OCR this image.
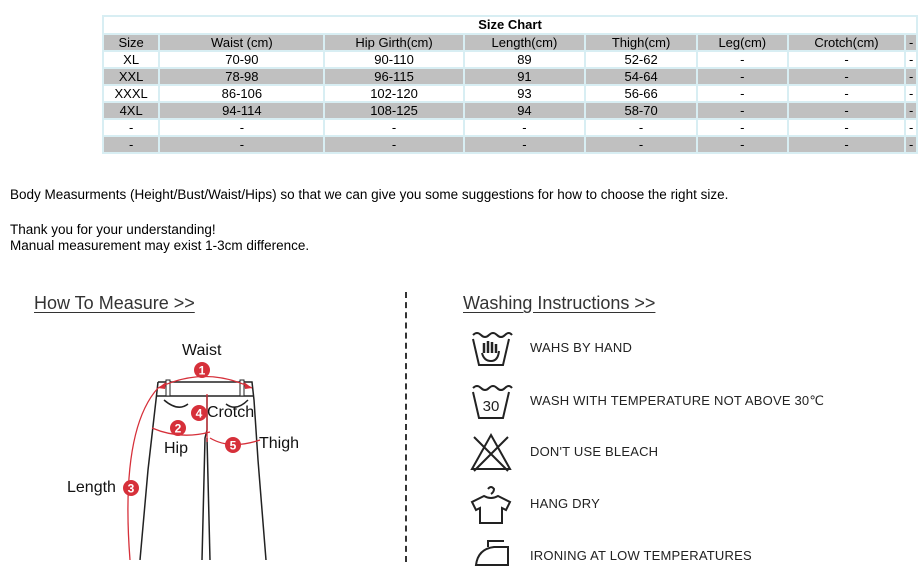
Size Chart							
Size	Waist (cm)	Hip Girth(cm)	Length(cm)	Thigh(cm)	Leg(cm)	Crotch(cm)	-
XL	70-90	90-110	89	52-62	-	-	-
XXL	78-98	96-115	91	54-64	-	-	-
XXXL	86-106	102-120	93	56-66	-	-	-
4XL	94-114	108-125	94	58-70	-	-	-
-	-	-	-	-	-	-	-
-	-	-	-	-	-	-	-
Body Measurments (Height/Bust/Waist/Hips) so that we can give you some suggestions for how to choose the right size.
Thank you for your understanding!
Manual measurement may exist 1-3cm difference.
How To Measure >>	Washing Instructions >>
1
2
3
4
5
Waist
Crotch
Hip	Thigh
Length
WAHS BY HAND
30 WASH WITH TEMPERATURE NOT ABOVE 30℃
DON'T USE BLEACH
HANG DRY
IRONING AT LOW TEMPERATURES
